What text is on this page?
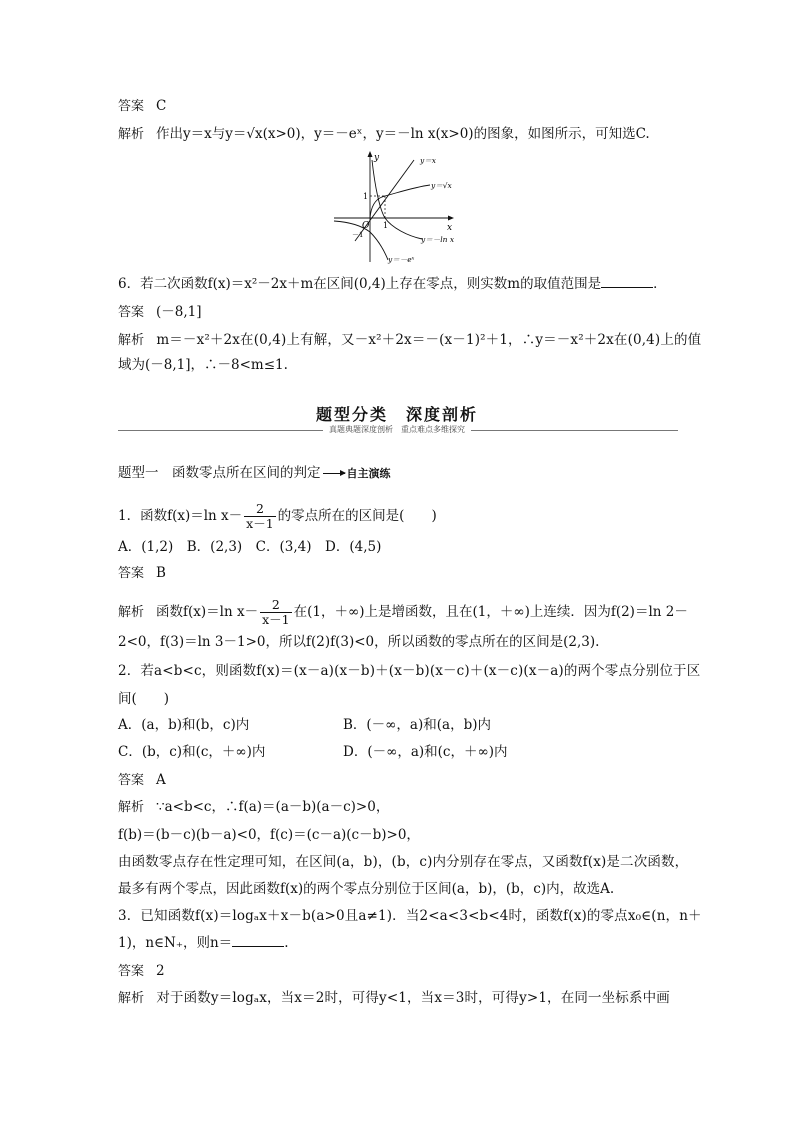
答案 C
解析 作出y＝x与y＝√x(x>0)，y＝－eˣ，y＝－ln x(x>0)的图象，如图所示，可知选C.
y
x
O 1
1
－1
y＝x
y＝√x
y＝－ln x
y＝－eˣ
6．若二次函数f(x)＝x²－2x＋m在区间(0,4)上存在零点，则实数m的取值范围是	．
答案 (－8,1]
解析 m＝－x²＋2x在(0,4)上有解，又－x²＋2x＝－(x－1)²＋1，∴y＝－x²＋2x在(0,4)上的值
域为(－8,1]，∴－8<m≤1.
题型分类　深度剖析
真题典题深度剖析　重点难点多维探究
题型一　函数零点所在区间的判定 自主演练
1．函数f(x)＝ln $x- \frac{2}{x-1}$ 的零点所在的区间是(　　)
A．(1,2)　B．(2,3)　C．(3,4)　D．(4,5)
答案 B
解析 函数f(x)＝ln $x- \frac{2}{x-1}$ 在(1，＋∞)上是增函数，且在(1，＋∞)上连续．因为f(2)＝ln 2－
2<0，f(3)＝ln 3－1>0，所以f(2)f(3)<0，所以函数的零点所在的区间是(2,3).
2．若a<b<c，则函数f(x)＝(x－a)(x－b)＋(x－b)(x－c)＋(x－c)(x－a)的两个零点分别位于区
间(　　)
A．(a，b)和(b，c)内	B．(－∞，a)和(a，b)内
C．(b，c)和(c，＋∞)内	D．(－∞，a)和(c，＋∞)内
答案 A
解析 ∵a<b<c，∴f(a)＝(a－b)(a－c)>0，
f(b)＝(b－c)(b－a)<0，f(c)＝(c－a)(c－b)>0，
由函数零点存在性定理可知，在区间(a，b)，(b，c)内分别存在零点，又函数f(x)是二次函数，
最多有两个零点，因此函数f(x)的两个零点分别位于区间(a，b)，(b，c)内，故选A.
3．已知函数f(x)＝logₐx＋x－b(a>0且a≠1)．当2<a<3<b<4时，函数f(x)的零点x₀∈(n，n＋
1)，n∈N₊，则n＝	.
答案 2
解析 对于函数y＝logₐx，当x＝2时，可得y<1，当x＝3时，可得y>1，在同一坐标系中画
